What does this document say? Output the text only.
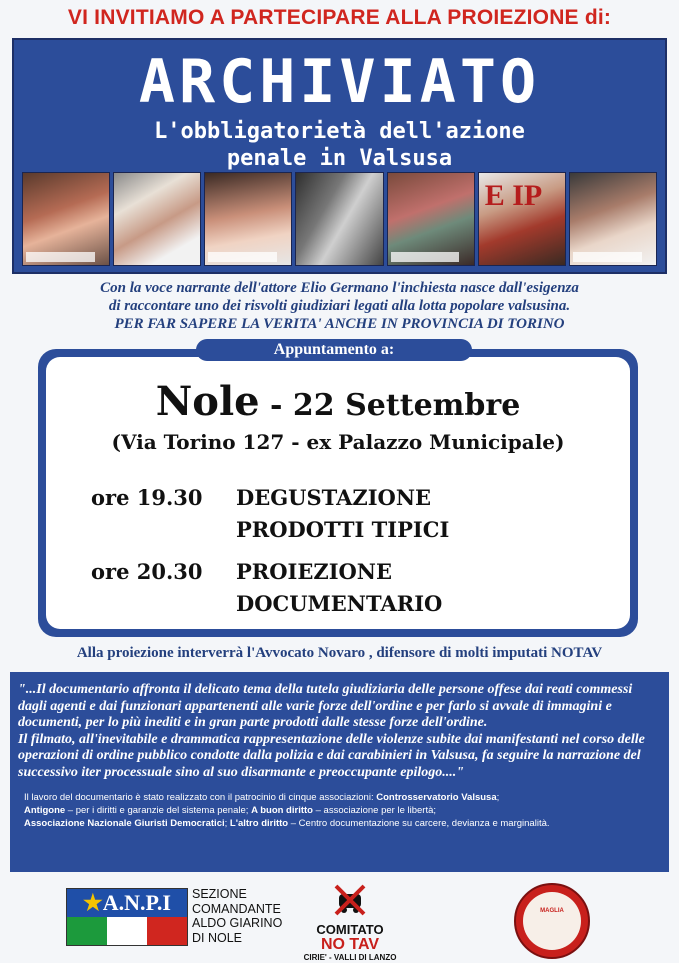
VI INVITIAMO A PARTECIPARE ALLA PROIEZIONE di:
ARCHIVIATO
L'obbligatorietà dell'azione
penale in Valsusa

E IP

Con la voce narrante dell'attore Elio Germano l'inchiesta nasce dall'esigenza
di raccontare uno dei risvolti giudiziari legati alla lotta popolare valsusina.
PER FAR SAPERE LA VERITA' ANCHE IN PROVINCIA DI TORINO
Appuntamento a:
Nole - 22 Settembre
(Via Torino 127 - ex Palazzo Municipale)
ore 19.30 DEGUSTAZIONE
PRODOTTI TIPICI
ore 20.30 PROIEZIONE
DOCUMENTARIO
Alla proiezione interverrà l'Avvocato Novaro , difensore di molti imputati NOTAV

"...Il documentario affronta il delicato tema della tutela giudiziaria delle persone offese dai reati commessi dagli agenti e dai funzionari appartenenti alle varie forze dell'ordine e per farlo si avvale di immagini e documenti, per lo più inediti e in gran parte prodotti dalle stesse forze dell'ordine.

Il filmato, all'inevitabile e drammatica rappresentazione delle violenze subite dai manifestanti nel corso delle operazioni di ordine pubblico condotte dalla polizia e dai carabinieri in Valsusa, fa seguire la narrazione del successivo iter processuale sino al suo disarmante e preoccupante epilogo...."

Il lavoro del documentario è stato realizzato con il patrocinio di cinque associazioni: Controsservatorio Valsusa;

Antigone – per i diritti e garanzie del sistema penale; A buon diritto – associazione per le libertà;

Associazione Nazionale Giuristi Democratici; L'altro diritto – Centro documentazione su carcere, devianza e marginalità.

★A.N.P.I	SEZIONE
COMANDANTE
ALDO GIARINO
DI NOLE
COMITATO
NO TAV
CIRIE' - VALLI DI LANZO
MAGLIA
